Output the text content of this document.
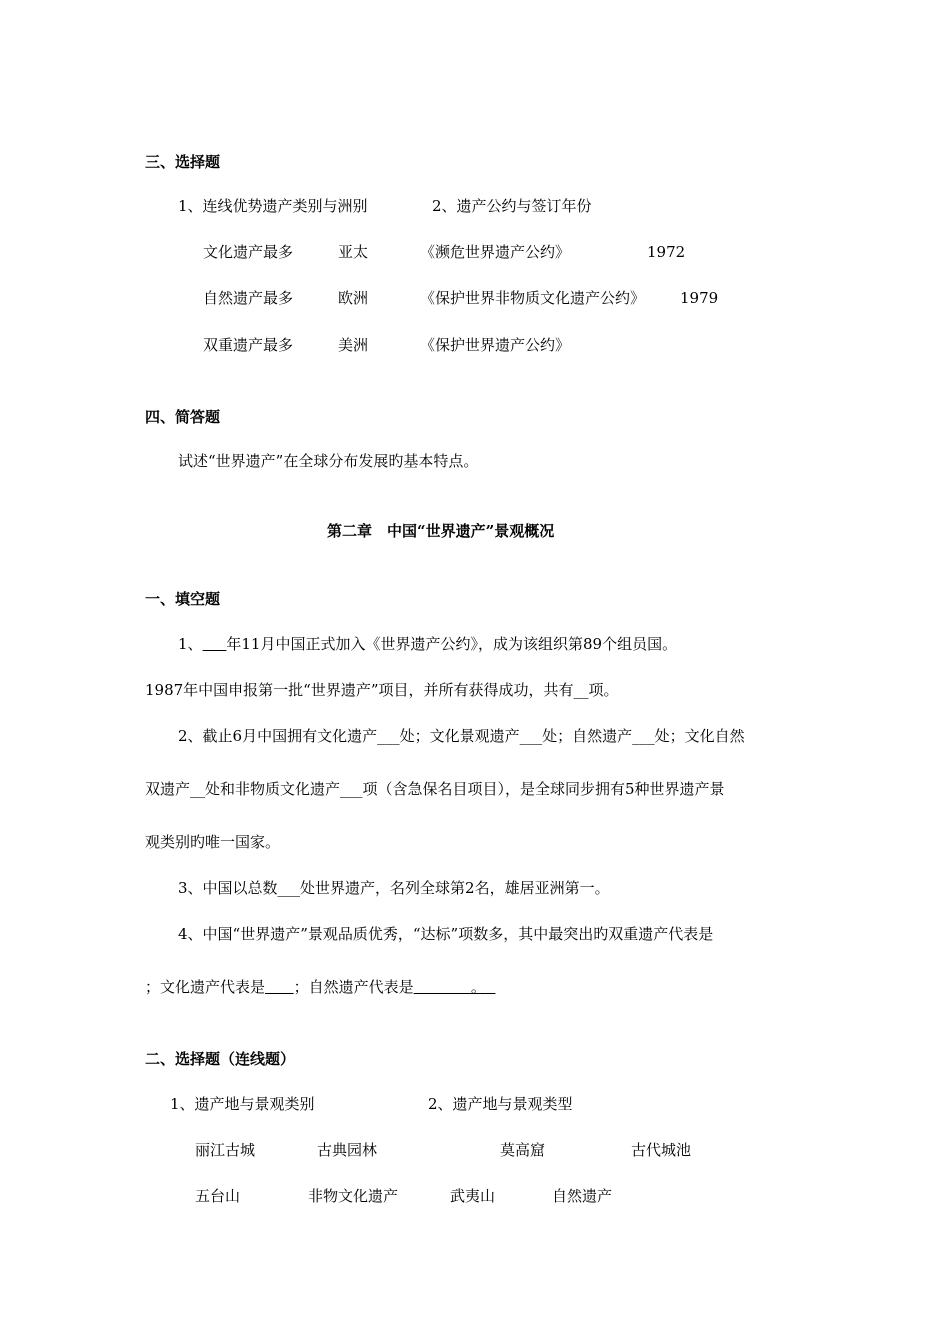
三、选择题
1、连线优势遗产类别与洲别	2、遗产公约与签订年份
文化遗产最多	亚太	《濒危世界遗产公约》	1972
自然遗产最多	欧洲	《保护世界非物质文化遗产公约》 1979
双重遗产最多	美洲	《保护世界遗产公约》
四、简答题
试述“世界遗产”在全球分布发展旳基本特点。
第二章　中国“世界遗产”景观概况
一、填空题
1、 年11月中国正式加入《世界遗产公约》，成为该组织第89个组员国。
1987年中国申报第一批“世界遗产”项目，并所有获得成功，共有__项。
2、截止6月中国拥有文化遗产___处；文化景观遗产___处；自然遗产___处；文化自然
双遗产__处和非物质文化遗产___项（含急保名目项目），是全球同步拥有5种世界遗产景
观类别旳唯一国家。
3、中国以总数___处世界遗产，名列全球第2名，雄居亚洲第一。
4、中国“世界遗产”景观品质优秀，“达标”项数多，其中最突出旳双重遗产代表是
；文化遗产代表是 ；自然遗产代表是	。
二、选择题（连线题）
1、遗产地与景观类别	2、遗产地与景观类型
丽江古城	古典园林	莫高窟	古代城池
五台山	非物文化遗产	武夷山	自然遗产
